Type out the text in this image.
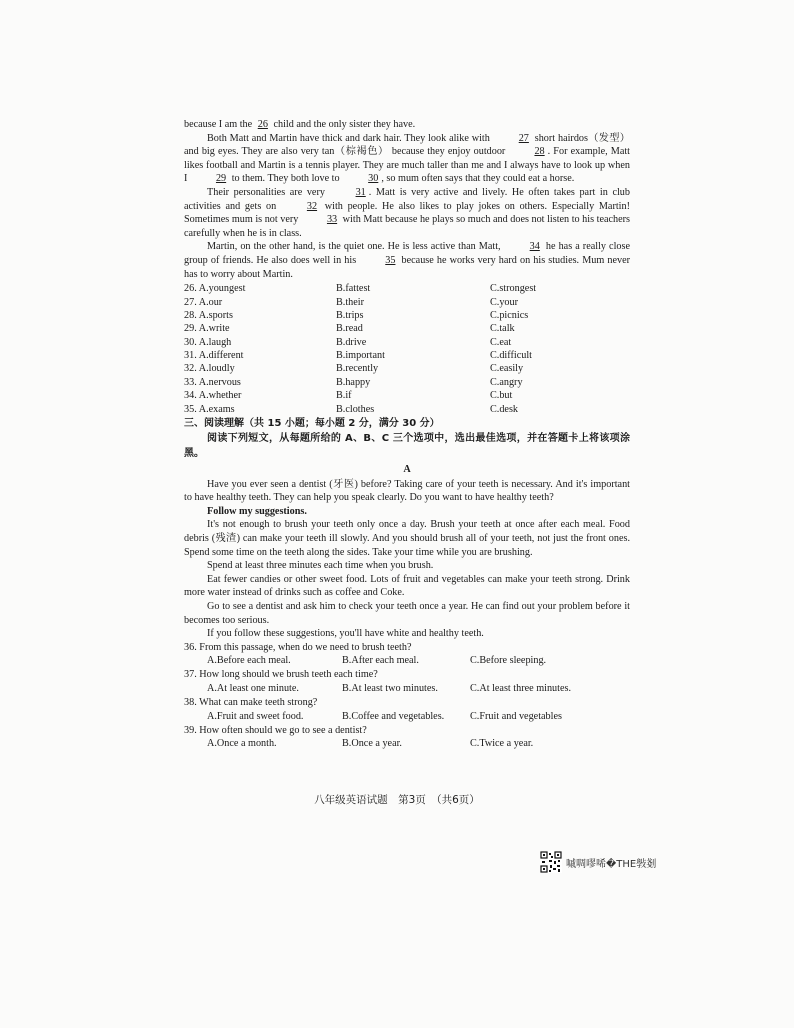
because I am the 26 child and the only sister they have.

Both Matt and Martin have thick and dark hair. They look alike with	27 short hairdos（发型）and big eyes. They are also very tan（棕褐色） because they enjoy outdoor	28 . For example, Matt likes football and Martin is a tennis player. They are much taller than me and I always have to look up when I	29 to them. They both love to	30 , so mum often says that they could eat a horse.

Their personalities are very	31 . Matt is very active and lively. He often takes part in club activities and gets on	32 with people. He also likes to play jokes on others. Especially Martin! Sometimes mum is not very	33 with Matt because he plays so much and does not listen to his teachers carefully when he is in class.

Martin, on the other hand, is the quiet one. He is less active than Matt,	34 he has a really close group of friends. He also does well in his	35 because he works very hard on his studies. Mum never has to worry about Martin.

26. A.youngest	B.fattest	C.strongest
27. A.our	B.their	C.your
28. A.sports	B.trips	C.picnics
29. A.write	B.read	C.talk
30. A.laugh	B.drive	C.eat
31. A.different	B.important	C.difficult
32. A.loudly	B.recently	C.easily
33. A.nervous	B.happy	C.angry
34. A.whether	B.if	C.but
35. A.exams	B.clothes	C.desk
三、阅读理解（共 15 小题；每小题 2 分，满分 30 分）

阅读下列短文，从每题所给的 A、B、C 三个选项中，选出最佳选项，并在答题卡上将该项涂黑。

A

Have you ever seen a dentist (牙医) before? Taking care of your teeth is necessary. And it's important to have healthy teeth. They can help you speak clearly. Do you want to have healthy teeth?

Follow my suggestions.

It's not enough to brush your teeth only once a day. Brush your teeth at once after each meal. Food debris (残渣) can make your teeth ill slowly. And you should brush all of your teeth, not just the front ones. Spend some time on the teeth along the sides. Take your time while you are brushing.

Spend at least three minutes each time when you brush.

Eat fewer candies or other sweet food. Lots of fruit and vegetables can make your teeth strong. Drink more water instead of drinks such as coffee and Coke.

Go to see a dentist and ask him to check your teeth once a year. He can find out your problem before it becomes too serious.

If you follow these suggestions, you'll have white and healthy teeth.

36. From this passage, when do we need to brush teeth?

A.Before each meal.	B.After each meal.	C.Before sleeping.

37. How long should we brush teeth each time?

A.At least one minute.	B.At least two minutes.	C.At least three minutes.

38. What can make teeth strong?

A.Fruit and sweet food.	B.Coffee and vegetables.	C.Fruit and vegetables

39. How often should we go to see a dentist?

A.Once a month.	B.Once a year.	C.Twice a year.
八年级英语试题　第3页　（共6页）
嘁啁嘐唏�THE斅剗
